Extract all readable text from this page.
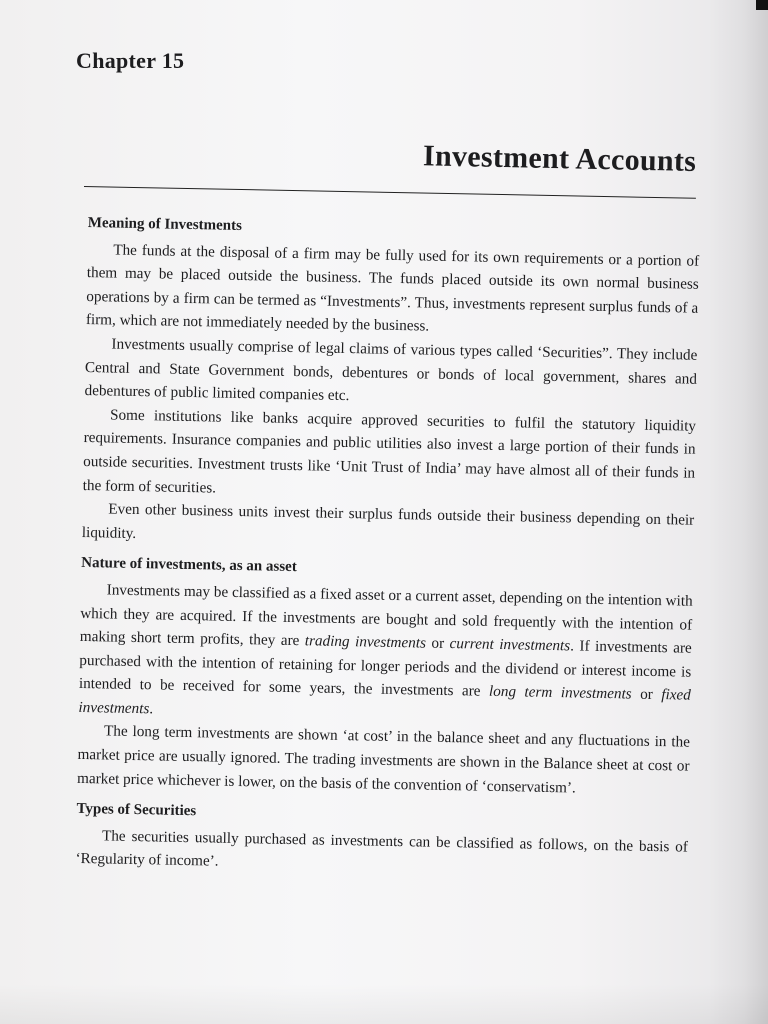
Chapter 15
Investment Accounts
Meaning of Investments

The funds at the disposal of a firm may be fully used for its own requirements or a portion of them may be placed outside the business. The funds placed outside its own normal business operations by a firm can be termed as “Investments”. Thus, investments represent surplus funds of a firm, which are not immediately needed by the business.

Investments usually comprise of legal claims of various types called ‘Securities”. They include Central and State Government bonds, debentures or bonds of local government, shares and debentures of public limited companies etc.

Some institutions like banks acquire approved securities to fulfil the statutory liquidity requirements. Insurance companies and public utilities also invest a large portion of their funds in outside securities. Investment trusts like ‘Unit Trust of India’ may have almost all of their funds in the form of securities.

Even other business units invest their surplus funds outside their business depending on their liquidity.

Nature of investments, as an asset

Investments may be classified as a fixed asset or a current asset, depending on the intention with which they are acquired. If the investments are bought and sold frequently with the intention of making short term profits, they are trading investments or current investments. If investments are purchased with the intention of retaining for longer periods and the dividend or interest income is intended to be received for some years, the investments are long term investments or fixed investments.

The long term investments are shown ‘at cost’ in the balance sheet and any fluctuations in the market price are usually ignored. The trading investments are shown in the Balance sheet at cost or market price whichever is lower, on the basis of the convention of ‘conservatism’.

Types of Securities

The securities usually purchased as investments can be classified as follows, on the basis of ‘Regularity of income’.
